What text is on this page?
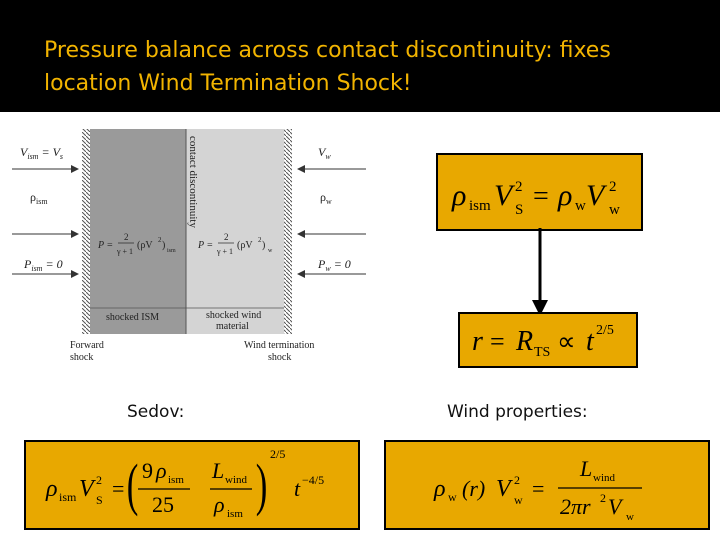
Pressure balance across contact discontinuity: fixes
location Wind Termination Shock!
$V_{ism} = V_s$
$\rho_{ism}$
$P_{ism} = 0$
$V_w$
$\rho_w$
$P_w = 0$
contact discontinuity
P =
2
γ + 1
(ρV 2 ) ism P =
2
γ + 1
(ρV 2 ) w
shocked ISM	shocked wind
material
Forward
shock
Wind termination
shock
ρ ism V 2
S = ρ w V 2
w
r = R TS ∝ t 2/5
Sedov:	Wind properties:
ρ ism V 2
S =
9 ρ ism
25
(	L wind
ρ ism ) 2/5
t −4/5	ρ w (r) V 2
w =
L wind
2πr 2 V w
